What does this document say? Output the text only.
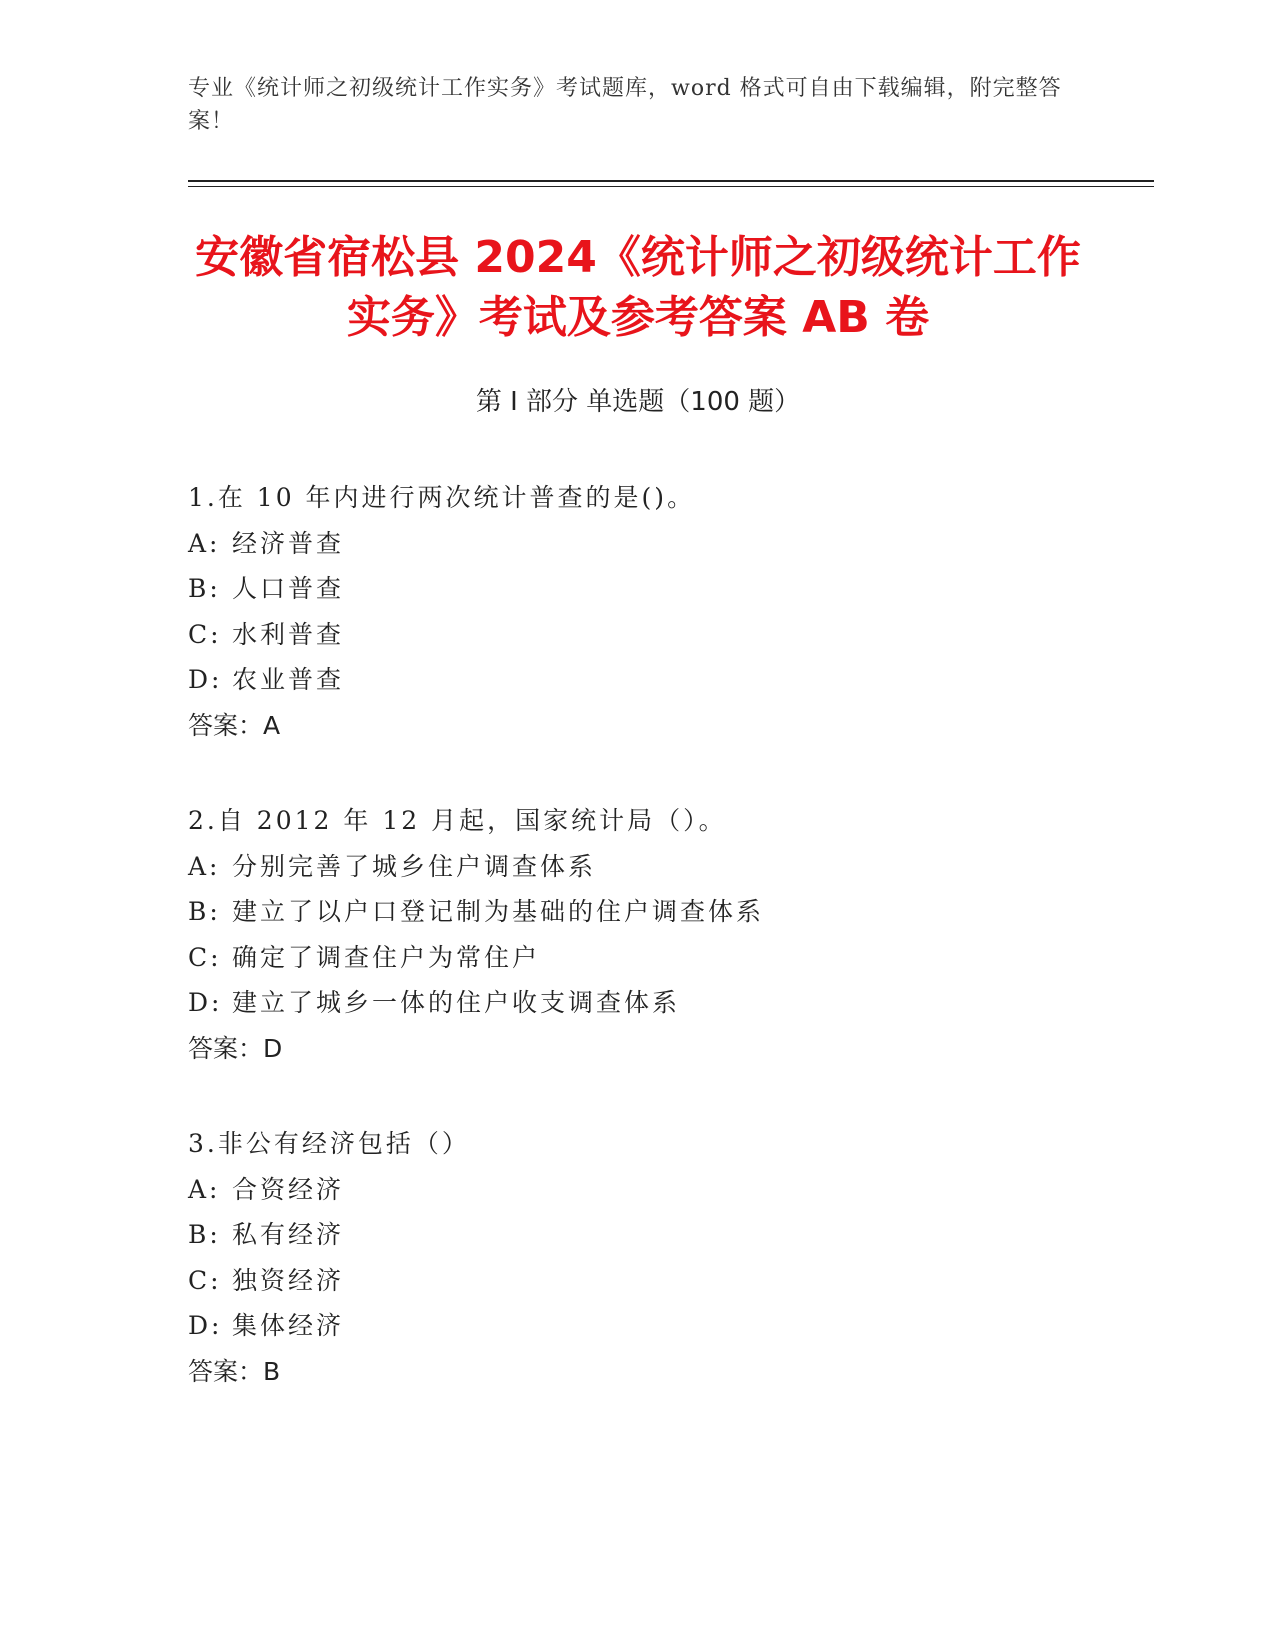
专业《统计师之初级统计工作实务》考试题库，word 格式可自由下载编辑，附完整答案！
安徽省宿松县 2024《统计师之初级统计工作实务》考试及参考答案 AB 卷
第 I 部分 单选题（100 题）
1.在 10 年内进行两次统计普查的是()。
A: 经济普查
B: 人口普查
C: 水利普查
D: 农业普查
答案：A
2.自 2012 年 12 月起，国家统计局（）。
A: 分别完善了城乡住户调查体系
B: 建立了以户口登记制为基础的住户调查体系
C: 确定了调查住户为常住户
D: 建立了城乡一体的住户收支调查体系
答案：D
3.非公有经济包括（）
A: 合资经济
B: 私有经济
C: 独资经济
D: 集体经济
答案：B
